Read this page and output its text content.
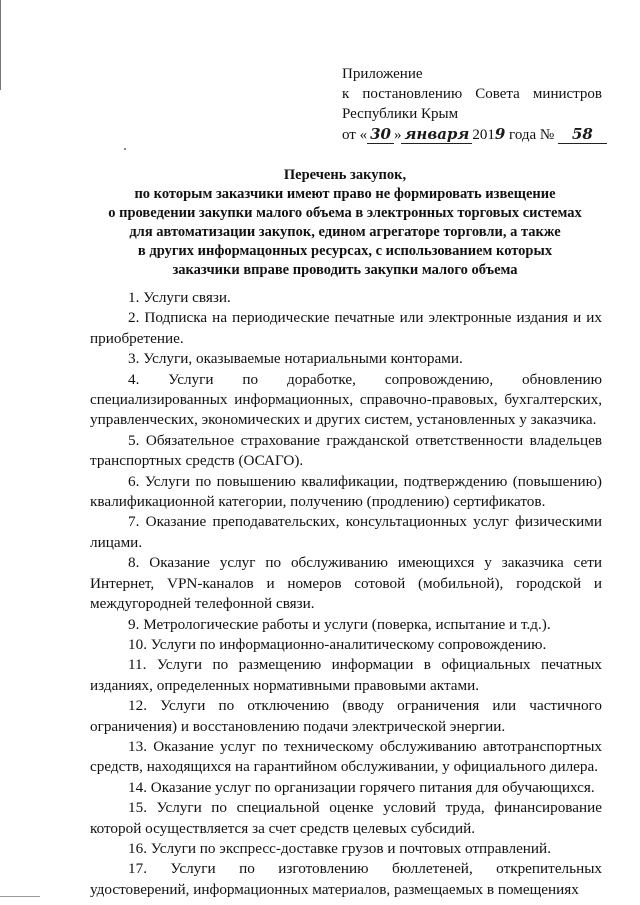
Приложение
к постановлению Совета министров
Республики Крым
от « 30 » января 2019 года № 58
Перечень закупок,
по которым заказчики имеют право не формировать извещение
о проведении закупки малого объема в электронных торговых системах
для автоматизации закупок, едином агрегаторе торговли, а также
в других информацонных ресурсах, с использованием которых
заказчики вправе проводить закупки малого объема

1. Услуги связи.

2. Подписка на периодические печатные или электронные издания и их приобретение.

3. Услуги, оказываемые нотариальными конторами.

4. Услуги по доработке, сопровождению, обновлению специализированных информационных, справочно-правовых, бухгалтерских, управленческих, экономических и других систем, установленных у заказчика.

5. Обязательное страхование гражданской ответственности владельцев транспортных средств (ОСАГО).

6. Услуги по повышению квалификации, подтверждению (повышению) квалификационной категории, получению (продлению) сертификатов.

7. Оказание преподавательских, консультационных услуг физическими лицами.

8. Оказание услуг по обслуживанию имеющихся у заказчика сети Интернет, VPN-каналов и номеров сотовой (мобильной), городской и междугородней телефонной связи.

9. Метрологические работы и услуги (поверка, испытание и т.д.).

10. Услуги по информационно-аналитическому сопровождению.

11. Услуги по размещению информации в официальных печатных изданиях, определенных нормативными правовыми актами.

12. Услуги по отключению (вводу ограничения или частичного ограничения) и восстановлению подачи электрической энергии.

13. Оказание услуг по техническому обслуживанию автотранспортных средств, находящихся на гарантийном обслуживании, у официального дилера.

14. Оказание услуг по организации горячего питания для обучающихся.

15. Услуги по специальной оценке условий труда, финансирование которой осуществляется за счет средств целевых субсидий.

16. Услуги по экспресс-доставке грузов и почтовых отправлений.

17. Услуги по изготовлению бюллетеней, открепительных удостоверений, информационных материалов, размещаемых в помещениях
